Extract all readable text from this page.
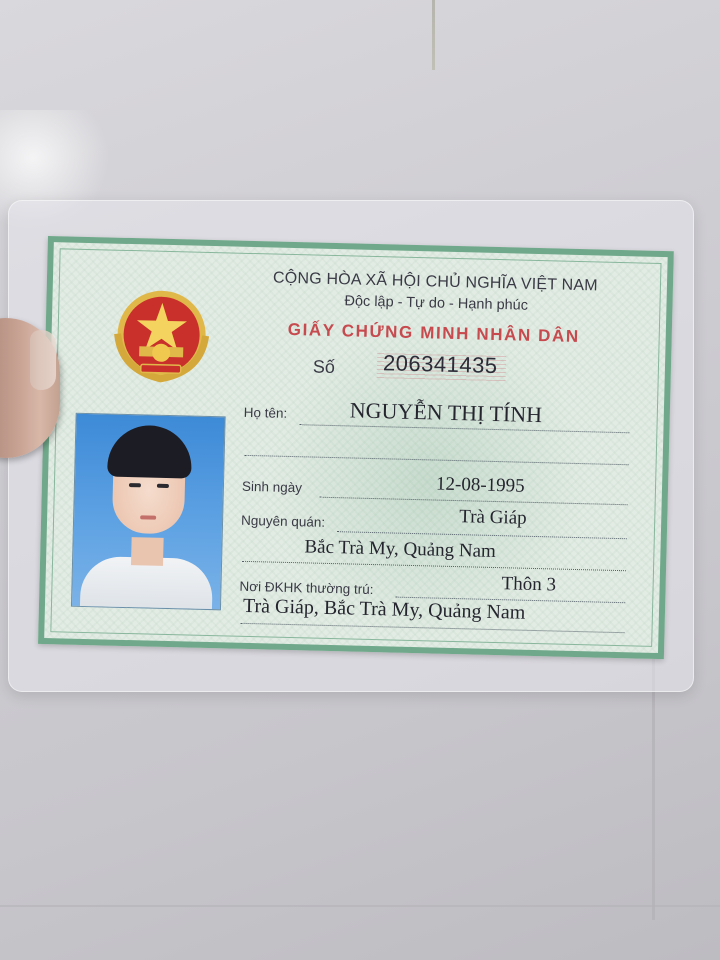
CỘNG HÒA XÃ HỘI CHỦ NGHĨA VIỆT NAM
Độc lập - Tự do - Hạnh phúc
GIẤY CHỨNG MINH NHÂN DÂN
Số 206341435
Họ tên:	NGUYỄN THỊ TÍNH
Sinh ngày	12-08-1995
Nguyên quán:	Trà Giáp
Bắc Trà My, Quảng Nam
Nơi ĐKHK thường trú:	Thôn 3
Trà Giáp, Bắc Trà My, Quảng Nam
